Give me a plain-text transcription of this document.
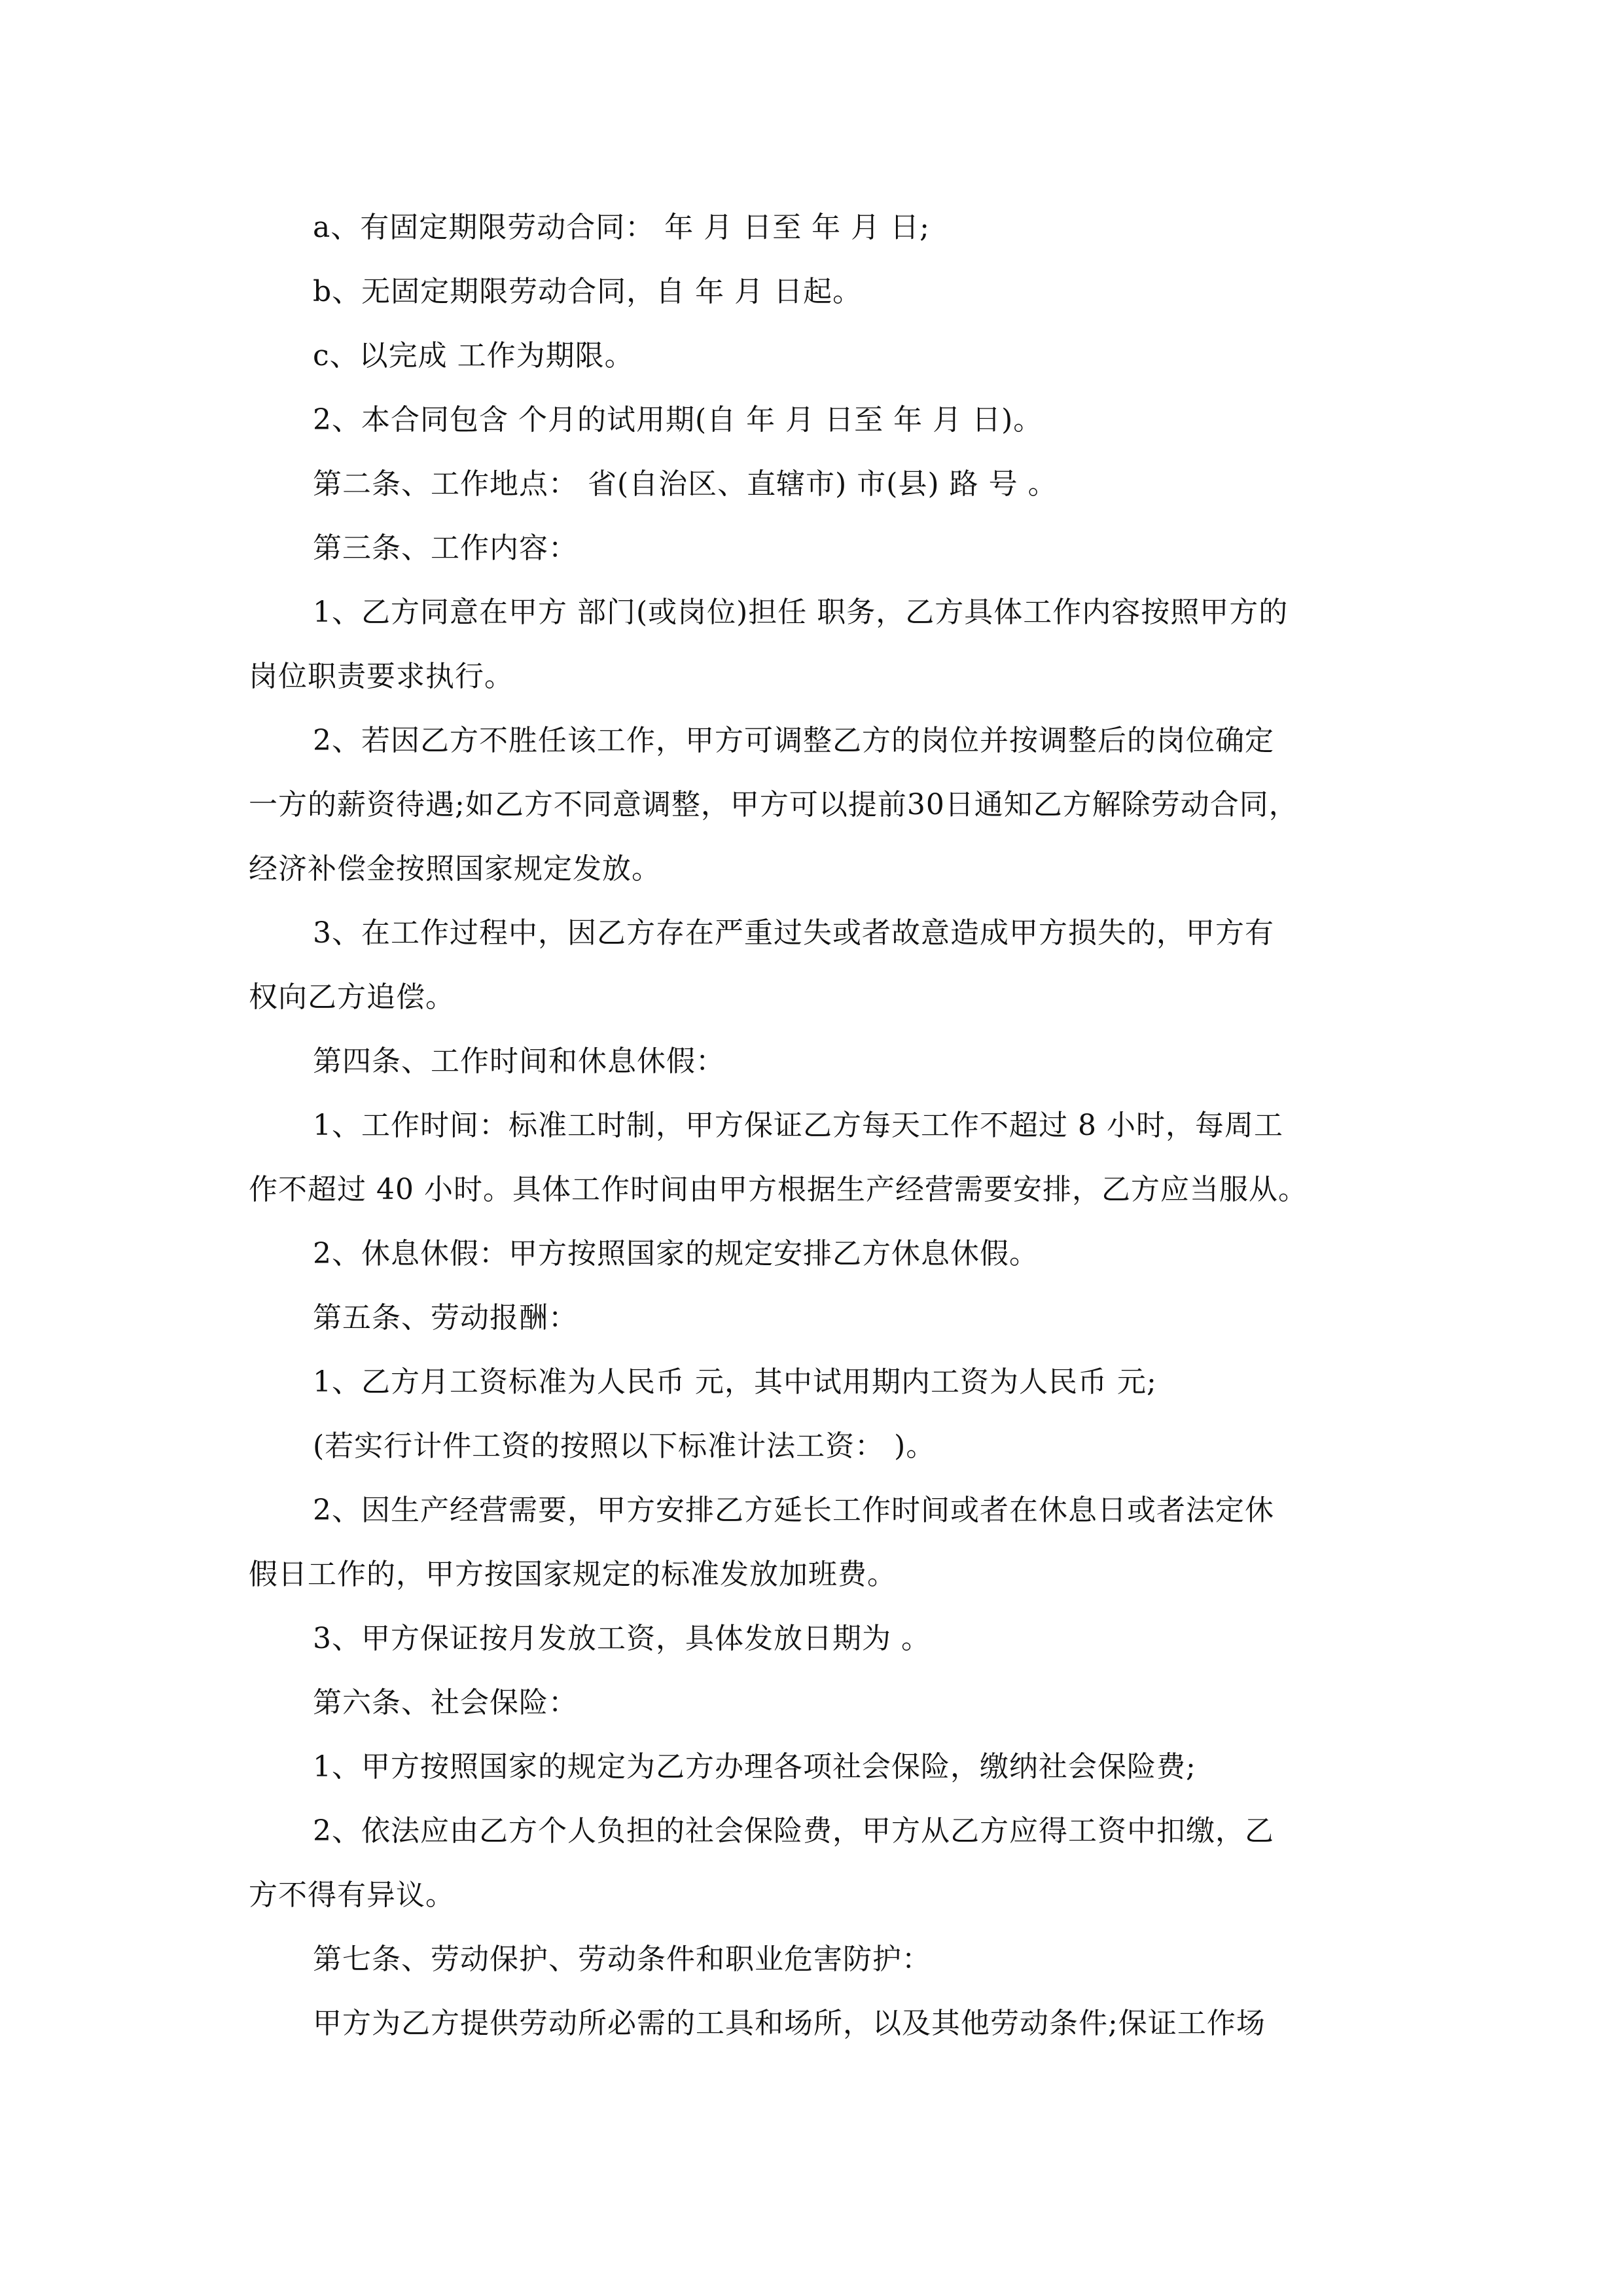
a、有固定期限劳动合同： 年 月 日至 年 月 日;
b、无固定期限劳动合同，自 年 月 日起。
c、以完成 工作为期限。
2、本合同包含 个月的试用期(自 年 月 日至 年 月 日)。
第二条、工作地点： 省(自治区、直辖市) 市(县) 路 号 。
第三条、工作内容：
1、乙方同意在甲方 部门(或岗位)担任 职务，乙方具体工作内容按照甲方的
岗位职责要求执行。
2、若因乙方不胜任该工作，甲方可调整乙方的岗位并按调整后的岗位确定
一方的薪资待遇;如乙方不同意调整，甲方可以提前30日通知乙方解除劳动合同，
经济补偿金按照国家规定发放。
3、在工作过程中，因乙方存在严重过失或者故意造成甲方损失的，甲方有
权向乙方追偿。
第四条、工作时间和休息休假：
1、工作时间：标准工时制，甲方保证乙方每天工作不超过 8 小时，每周工
作不超过 40 小时。具体工作时间由甲方根据生产经营需要安排，乙方应当服从。
2、休息休假：甲方按照国家的规定安排乙方休息休假。
第五条、劳动报酬：
1、乙方月工资标准为人民币 元，其中试用期内工资为人民币 元;
(若实行计件工资的按照以下标准计法工资： )。
2、因生产经营需要，甲方安排乙方延长工作时间或者在休息日或者法定休
假日工作的，甲方按国家规定的标准发放加班费。
3、甲方保证按月发放工资，具体发放日期为 。
第六条、社会保险：
1、甲方按照国家的规定为乙方办理各项社会保险，缴纳社会保险费;
2、依法应由乙方个人负担的社会保险费，甲方从乙方应得工资中扣缴，乙
方不得有异议。
第七条、劳动保护、劳动条件和职业危害防护：
甲方为乙方提供劳动所必需的工具和场所，以及其他劳动条件;保证工作场
